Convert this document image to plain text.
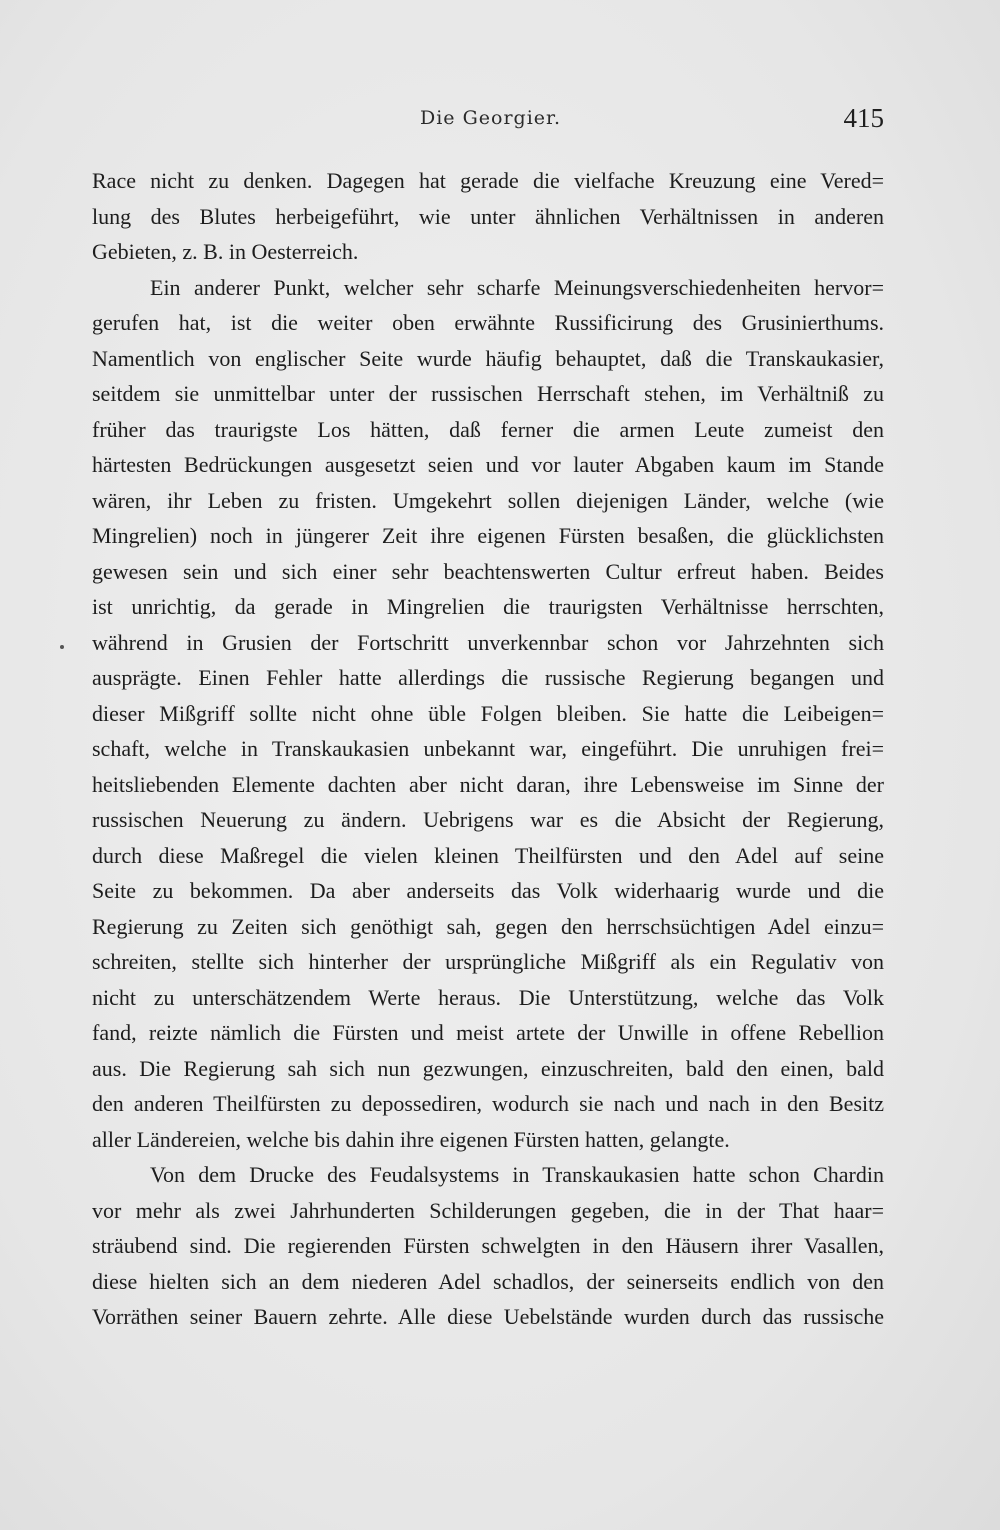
Die Georgier.	415
Race nicht zu denken. Dagegen hat gerade die vielfache Kreuzung eine Vered=
lung des Blutes herbeigeführt, wie unter ähnlichen Verhältnissen in anderen
Gebieten, z. B. in Oesterreich.
Ein anderer Punkt, welcher sehr scharfe Meinungsverschiedenheiten hervor=
gerufen hat, ist die weiter oben erwähnte Russificirung des Grusinierthums.
Namentlich von englischer Seite wurde häufig behauptet, daß die Transkaukasier,
seitdem sie unmittelbar unter der russischen Herrschaft stehen, im Verhältniß zu
früher das traurigste Los hätten, daß ferner die armen Leute zumeist den
härtesten Bedrückungen ausgesetzt seien und vor lauter Abgaben kaum im Stande
wären, ihr Leben zu fristen. Umgekehrt sollen diejenigen Länder, welche (wie
Mingrelien) noch in jüngerer Zeit ihre eigenen Fürsten besaßen, die glücklichsten
gewesen sein und sich einer sehr beachtenswerten Cultur erfreut haben. Beides
ist unrichtig, da gerade in Mingrelien die traurigsten Verhältnisse herrschten,
während in Grusien der Fortschritt unverkennbar schon vor Jahrzehnten sich
ausprägte. Einen Fehler hatte allerdings die russische Regierung begangen und
dieser Mißgriff sollte nicht ohne üble Folgen bleiben. Sie hatte die Leibeigen=
schaft, welche in Transkaukasien unbekannt war, eingeführt. Die unruhigen frei=
heitsliebenden Elemente dachten aber nicht daran, ihre Lebensweise im Sinne der
russischen Neuerung zu ändern. Uebrigens war es die Absicht der Regierung,
durch diese Maßregel die vielen kleinen Theilfürsten und den Adel auf seine
Seite zu bekommen. Da aber anderseits das Volk widerhaarig wurde und die
Regierung zu Zeiten sich genöthigt sah, gegen den herrschsüchtigen Adel einzu=
schreiten, stellte sich hinterher der ursprüngliche Mißgriff als ein Regulativ von
nicht zu unterschätzendem Werte heraus. Die Unterstützung, welche das Volk
fand, reizte nämlich die Fürsten und meist artete der Unwille in offene Rebellion
aus. Die Regierung sah sich nun gezwungen, einzuschreiten, bald den einen, bald
den anderen Theilfürsten zu depossediren, wodurch sie nach und nach in den Besitz
aller Ländereien, welche bis dahin ihre eigenen Fürsten hatten, gelangte.
Von dem Drucke des Feudalsystems in Transkaukasien hatte schon Chardin
vor mehr als zwei Jahrhunderten Schilderungen gegeben, die in der That haar=
sträubend sind. Die regierenden Fürsten schwelgten in den Häusern ihrer Vasallen,
diese hielten sich an dem niederen Adel schadlos, der seinerseits endlich von den
Vorräthen seiner Bauern zehrte. Alle diese Uebelstände wurden durch das russische
